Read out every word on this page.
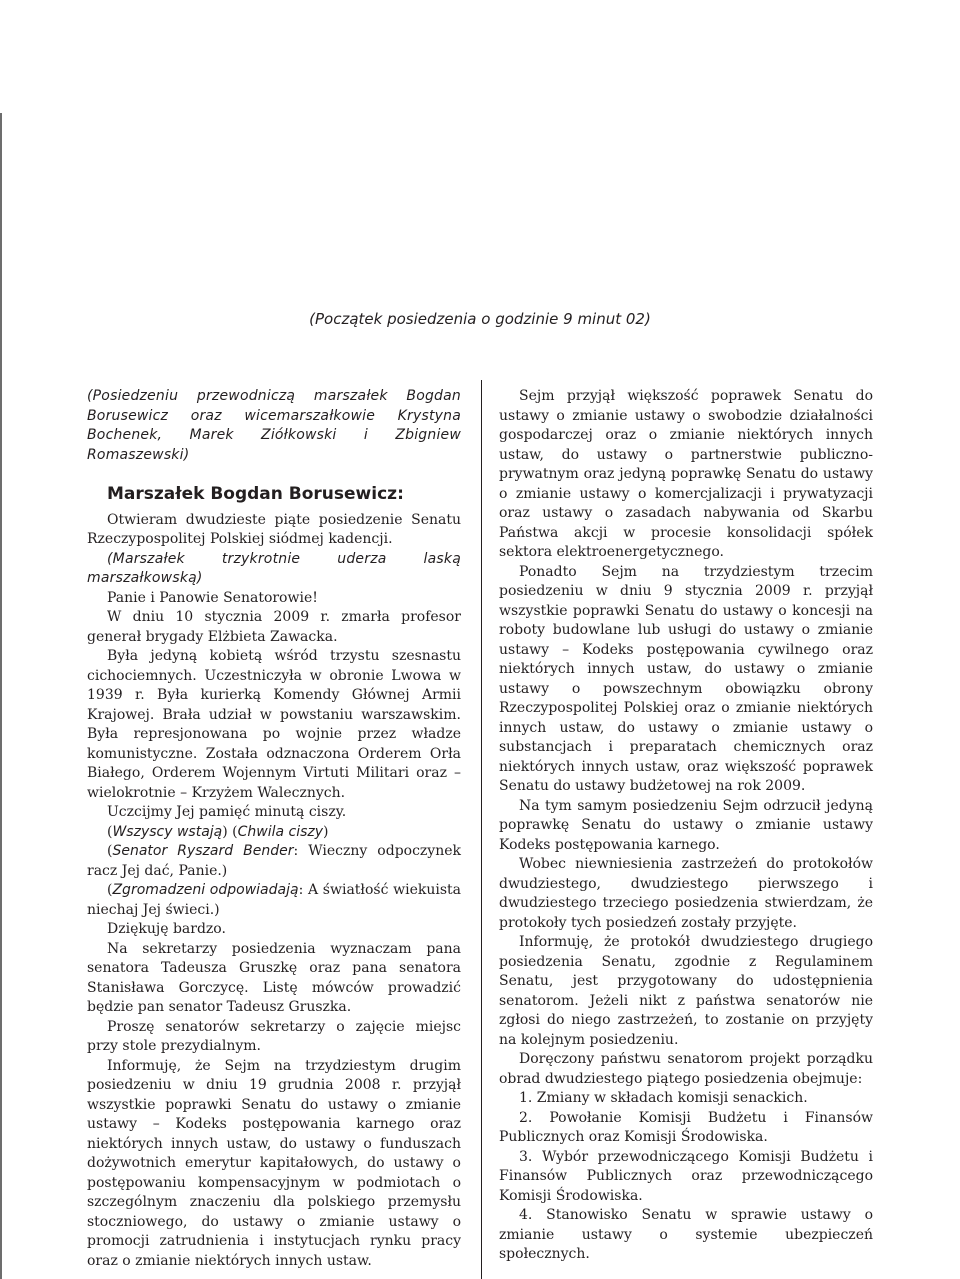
(Początek posiedzenia o godzinie 9 minut 02)

(Posiedzeniu przewodniczą marszałek Bogdan Borusewicz oraz wicemarszałkowie Krystyna Bochenek, Marek Ziółkowski i Zbigniew Romaszewski)

Marszałek Bogdan Borusewicz:

Otwieram dwudzieste piąte posiedzenie Senatu Rzeczypospolitej Polskiej siódmej kadencji.

(Marszałek trzykrotnie uderza laską marszałkowską)

Panie i Panowie Senatorowie!

W dniu 10 stycznia 2009 r. zmarła profesor generał brygady Elżbieta Zawacka.

Była jedyną kobietą wśród trzystu szesnastu cichociemnych. Uczestniczyła w obronie Lwowa w 1939 r. Była kurierką Komendy Głównej Armii Krajowej. Brała udział w powstaniu warszawskim. Była represjonowana po wojnie przez władze komunistyczne. Została odznaczona Orderem Orła Białego, Orderem Wojennym Virtuti Militari oraz – wielokrotnie – Krzyżem Walecznych.

Uczcijmy Jej pamięć minutą ciszy.

(Wszyscy wstają) (Chwila ciszy)

(Senator Ryszard Bender: Wieczny odpoczynek racz Jej dać, Panie.)

(Zgromadzeni odpowiadają: A światłość wiekuista niechaj Jej świeci.)

Dziękuję bardzo.

Na sekretarzy posiedzenia wyznaczam pana senatora Tadeusza Gruszkę oraz pana senatora Stanisława Gorczycę. Listę mówców prowadzić będzie pan senator Tadeusz Gruszka.

Proszę senatorów sekretarzy o zajęcie miejsc przy stole prezydialnym.

Informuję, że Sejm na trzydziestym drugim posiedzeniu w dniu 19 grudnia 2008 r. przyjął wszystkie poprawki Senatu do ustawy o zmianie ustawy – Kodeks postępowania karnego oraz niektórych innych ustaw, do ustawy o funduszach dożywotnich emerytur kapitałowych, do ustawy o postępowaniu kompensacyjnym w podmiotach o szczególnym znaczeniu dla polskiego przemysłu stoczniowego, do ustawy o zmianie ustawy o promocji zatrudnienia i instytucjach rynku pracy oraz o zmianie niektórych innych ustaw.

Sejm przyjął większość poprawek Senatu do ustawy o zmianie ustawy o swobodzie działalności gospodarczej oraz o zmianie niektórych innych ustaw, do ustawy o partnerstwie publiczno-prywatnym oraz jedyną poprawkę Senatu do ustawy o zmianie ustawy o komercjalizacji i prywatyzacji oraz ustawy o zasadach nabywania od Skarbu Państwa akcji w procesie konsolidacji spółek sektora elektroenergetycznego.

Ponadto Sejm na trzydziestym trzecim posiedzeniu w dniu 9 stycznia 2009 r. przyjął wszystkie poprawki Senatu do ustawy o koncesji na roboty budowlane lub usługi do ustawy o zmianie ustawy – Kodeks postępowania cywilnego oraz niektórych innych ustaw, do ustawy o zmianie ustawy o powszechnym obowiązku obrony Rzeczypospolitej Polskiej oraz o zmianie niektórych innych ustaw, do ustawy o zmianie ustawy o substancjach i preparatach chemicznych oraz niektórych innych ustaw, oraz większość poprawek Senatu do ustawy budżetowej na rok 2009.

Na tym samym posiedzeniu Sejm odrzucił jedyną poprawkę Senatu do ustawy o zmianie ustawy Kodeks postępowania karnego.

Wobec niewniesienia zastrzeżeń do protokołów dwudziestego, dwudziestego pierwszego i dwudziestego trzeciego posiedzenia stwierdzam, że protokoły tych posiedzeń zostały przyjęte.

Informuję, że protokół dwudziestego drugiego posiedzenia Senatu, zgodnie z Regulaminem Senatu, jest przygotowany do udostępnienia senatorom. Jeżeli nikt z państwa senatorów nie zgłosi do niego zastrzeżeń, to zostanie on przyjęty na kolejnym posiedzeniu.

Doręczony państwu senatorom projekt porządku obrad dwudziestego piątego posiedzenia obejmuje:

1. Zmiany w składach komisji senackich.

2. Powołanie Komisji Budżetu i Finansów Publicznych oraz Komisji Środowiska.

3. Wybór przewodniczącego Komisji Budżetu i Finansów Publicznych oraz przewodniczącego Komisji Środowiska.

4. Stanowisko Senatu w sprawie ustawy o zmianie ustawy o systemie ubezpieczeń społecznych.
